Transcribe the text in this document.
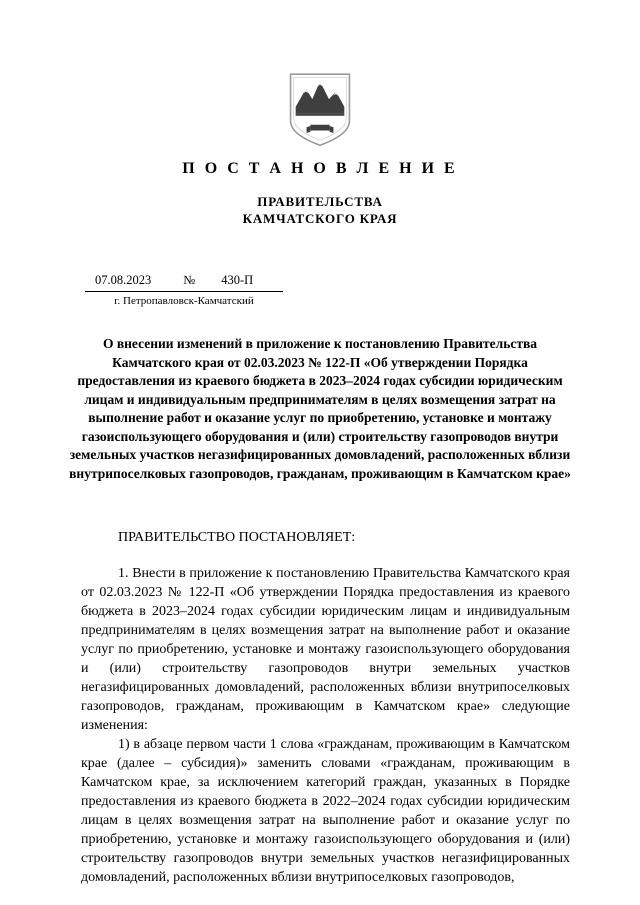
П О С Т А Н О В Л Е Н И Е
ПРАВИТЕЛЬСТВА
КАМЧАТСКОГО КРАЯ
07.08.2023	№ 430-П
г. Петропавловск-Камчатский
О внесении изменений в приложение к постановлению Правительства Камчатского края от 02.03.2023 № 122-П «Об утверждении Порядка предоставления из краевого бюджета в 2023–2024 годах субсидии юридическим лицам и индивидуальным предпринимателям в целях возмещения затрат на выполнение работ и оказание услуг по приобретению, установке и монтажу газоиспользующего оборудования и (или) строительству газопроводов внутри земельных участков негазифицированных домовладений, расположенных вблизи внутрипоселковых газопроводов, гражданам, проживающим в Камчатском крае»

ПРАВИТЕЛЬСТВО ПОСТАНОВЛЯЕТ:

1. Внести в приложение к постановлению Правительства Камчатского края от 02.03.2023 № 122-П «Об утверждении Порядка предоставления из краевого бюджета в 2023–2024 годах субсидии юридическим лицам и индивидуальным предпринимателям в целях возмещения затрат на выполнение работ и оказание услуг по приобретению, установке и монтажу газоиспользующего оборудования и (или) строительству газопроводов внутри земельных участков негазифицированных домовладений, расположенных вблизи внутрипоселковых газопроводов, гражданам, проживающим в Камчатском крае» следующие изменения:

1) в абзаце первом части 1 слова «гражданам, проживающим в Камчатском крае (далее – субсидия)» заменить словами «гражданам, проживающим в Камчатском крае, за исключением категорий граждан, указанных в Порядке предоставления из краевого бюджета в 2022–2024 годах субсидии юридическим лицам в целях возмещения затрат на выполнение работ и оказание услуг по приобретению, установке и монтажу газоиспользующего оборудования и (или) строительству газопроводов внутри земельных участков негазифицированных домовладений, расположенных вблизи внутрипоселковых газопроводов,
